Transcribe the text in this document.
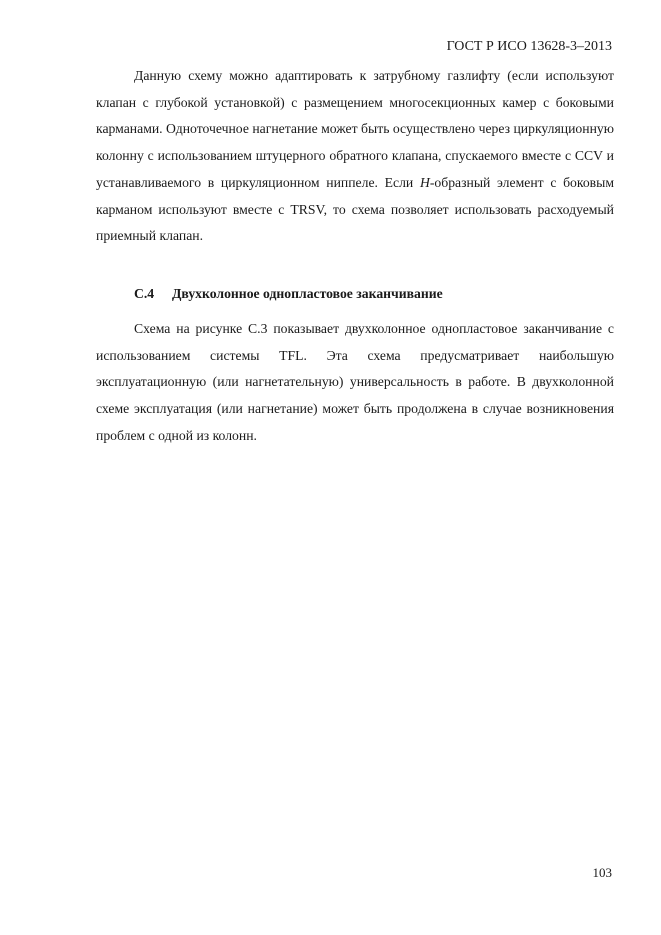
ГОСТ Р ИСО 13628-3–2013

Данную схему можно адаптировать к затрубному газлифту (если используют клапан с глубокой установкой) с размещением многосекционных камер с боковыми карманами. Одноточечное нагнетание может быть осуществлено через циркуляционную колонну с использованием штуцерного обратного клапана, спускаемого вместе с CCV и устанавливаемого в циркуляционном ниппеле. Если H-образный элемент с боковым карманом используют вместе с TRSV, то схема позволяет использовать расходуемый приемный клапан.

С.4 Двухколонное однопластовое заканчивание

Схема на рисунке С.3 показывает двухколонное однопластовое заканчивание с использованием системы TFL. Эта схема предусматривает наибольшую эксплуатационную (или нагнетательную) универсальность в работе. В двухколонной схеме эксплуатация (или нагнетание) может быть продолжена в случае возникновения проблем с одной из колонн.

103
